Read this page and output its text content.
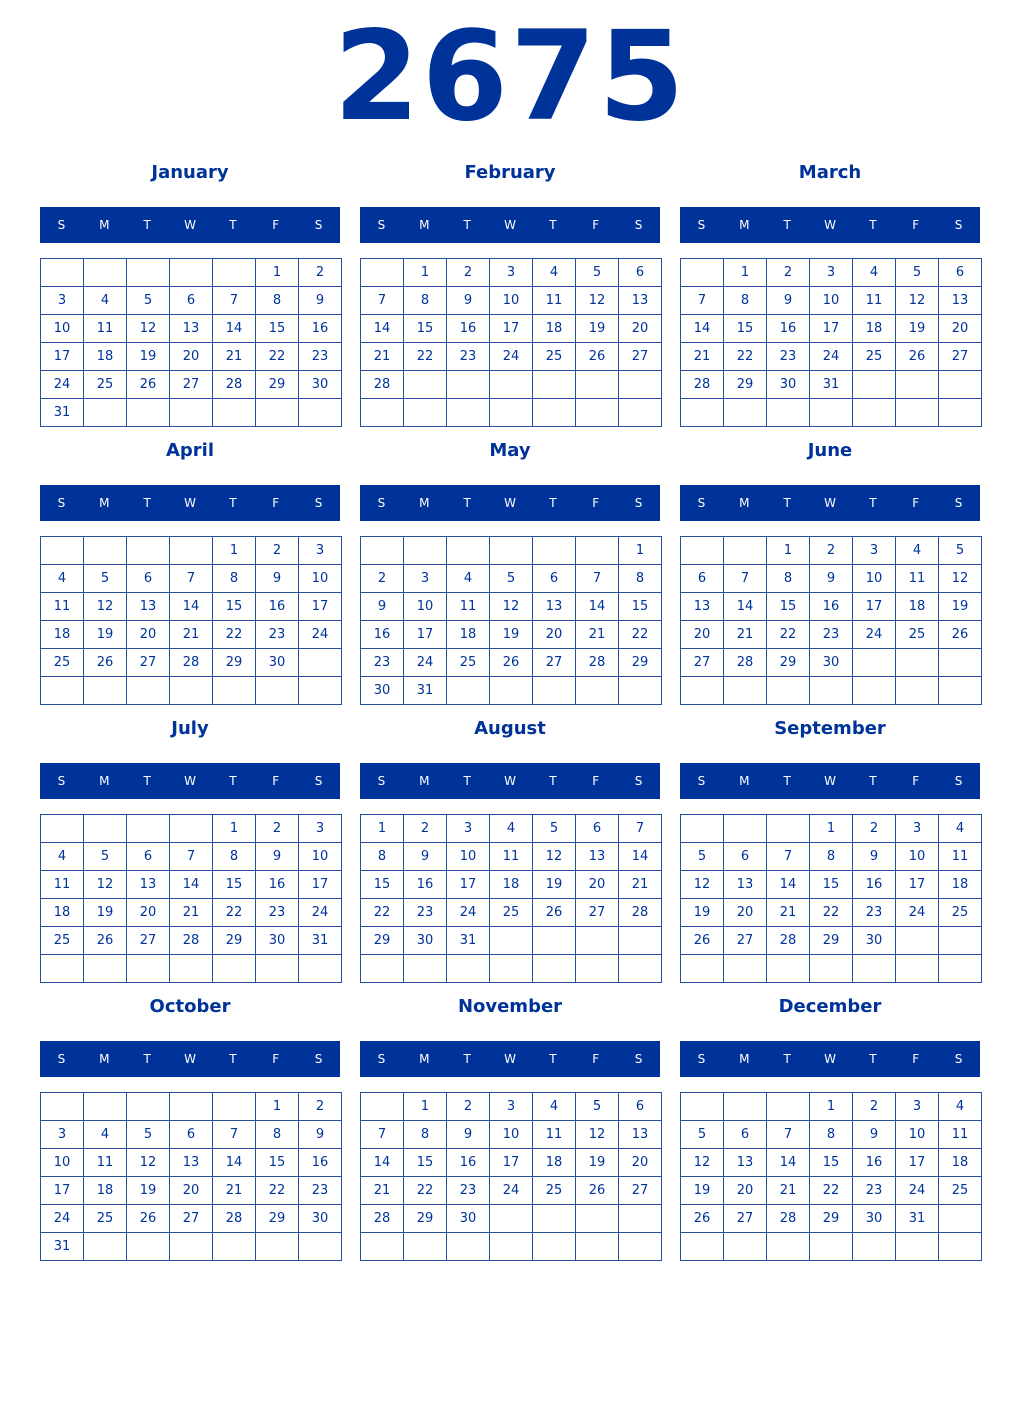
2675
January
S	M	T	W	T	F	S
					1	2
3	4	5	6	7	8	9
10	11	12	13	14	15	16
17	18	19	20	21	22	23
24	25	26	27	28	29	30
31						
February
S	M	T	W	T	F	S
	1	2	3	4	5	6
7	8	9	10	11	12	13
14	15	16	17	18	19	20
21	22	23	24	25	26	27
28						

March
S	M	T	W	T	F	S
	1	2	3	4	5	6
7	8	9	10	11	12	13
14	15	16	17	18	19	20
21	22	23	24	25	26	27
28	29	30	31			

April
S	M	T	W	T	F	S
				1	2	3
4	5	6	7	8	9	10
11	12	13	14	15	16	17
18	19	20	21	22	23	24
25	26	27	28	29	30	

May
S	M	T	W	T	F	S
						1
2	3	4	5	6	7	8
9	10	11	12	13	14	15
16	17	18	19	20	21	22
23	24	25	26	27	28	29
30	31					
June
S	M	T	W	T	F	S
		1	2	3	4	5
6	7	8	9	10	11	12
13	14	15	16	17	18	19
20	21	22	23	24	25	26
27	28	29	30			

July
S	M	T	W	T	F	S
				1	2	3
4	5	6	7	8	9	10
11	12	13	14	15	16	17
18	19	20	21	22	23	24
25	26	27	28	29	30	31

August
S	M	T	W	T	F	S
1	2	3	4	5	6	7
8	9	10	11	12	13	14
15	16	17	18	19	20	21
22	23	24	25	26	27	28
29	30	31				

September
S	M	T	W	T	F	S
			1	2	3	4
5	6	7	8	9	10	11
12	13	14	15	16	17	18
19	20	21	22	23	24	25
26	27	28	29	30		

October
S	M	T	W	T	F	S
					1	2
3	4	5	6	7	8	9
10	11	12	13	14	15	16
17	18	19	20	21	22	23
24	25	26	27	28	29	30
31						
November
S	M	T	W	T	F	S
	1	2	3	4	5	6
7	8	9	10	11	12	13
14	15	16	17	18	19	20
21	22	23	24	25	26	27
28	29	30				

December
S	M	T	W	T	F	S
			1	2	3	4
5	6	7	8	9	10	11
12	13	14	15	16	17	18
19	20	21	22	23	24	25
26	27	28	29	30	31	
